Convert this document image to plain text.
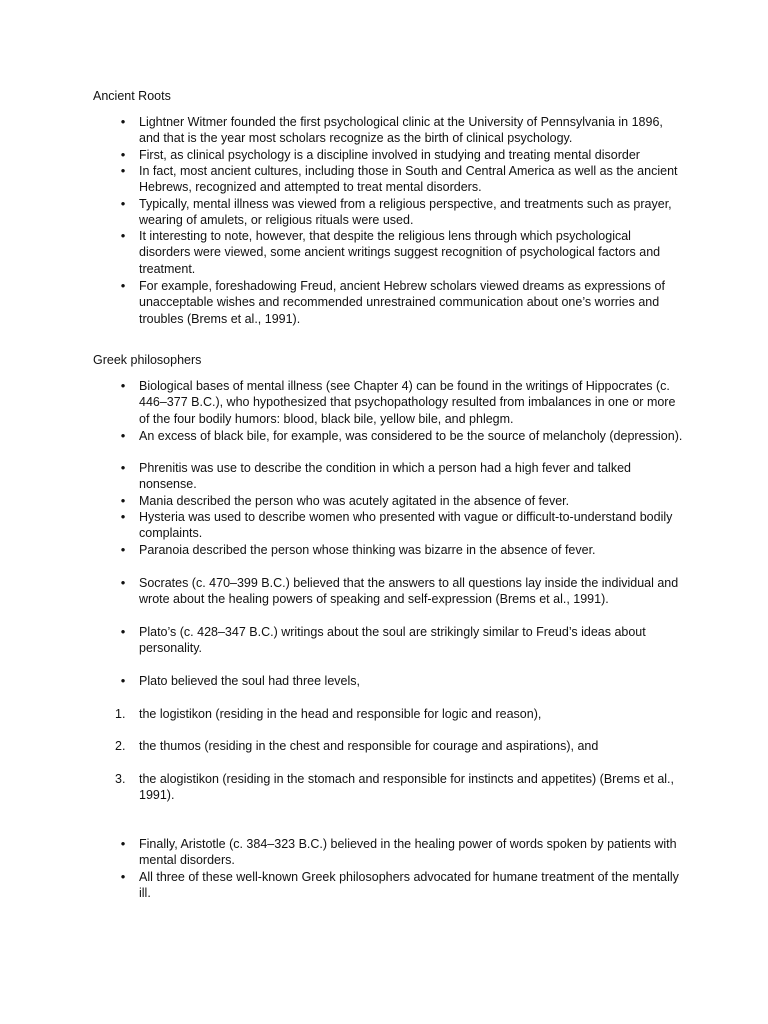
Ancient Roots

•	Lightner Witmer founded the first psychological clinic at the University of Pennsylvania in 1896, and that is the year most scholars recognize as the birth of clinical psychology.

•	First, as clinical psychology is a discipline involved in studying and treating mental disorder

•	In fact, most ancient cultures, including those in South and Central America as well as the ancient Hebrews, recognized and attempted to treat mental disorders.

•	Typically, mental illness was viewed from a religious perspective, and treatments such as prayer, wearing of amulets, or religious rituals were used.

•	It interesting to note, however, that despite the religious lens through which psychological disorders were viewed, some ancient writings suggest recognition of psychological factors and treatment.

•	For example, foreshadowing Freud, ancient Hebrew scholars viewed dreams as expressions of unacceptable wishes and recommended unrestrained communication about one’s worries and troubles (Brems et al., 1991).

Greek philosophers

•	Biological bases of mental illness (see Chapter 4) can be found in the writings of Hippocrates (c. 446–377 B.C.), who hypothesized that psychopathology resulted from imbalances in one or more of the four bodily humors: blood, black bile, yellow bile, and phlegm.

•	An excess of black bile, for example, was considered to be the source of melancholy (depression).

•	Phrenitis was use to describe the condition in which a person had a high fever and talked nonsense.

•	Mania described the person who was acutely agitated in the absence of fever.

•	Hysteria was used to describe women who presented with vague or difficult-to-understand bodily complaints.

•	Paranoia described the person whose thinking was bizarre in the absence of fever.

•	Socrates (c. 470–399 B.C.) believed that the answers to all questions lay inside the individual and wrote about the healing powers of speaking and self-expression (Brems et al., 1991).

•	Plato’s (c. 428–347 B.C.) writings about the soul are strikingly similar to Freud’s ideas about personality.

•	Plato believed the soul had three levels,

1.	the logistikon (residing in the head and responsible for logic and reason),

2.	the thumos (residing in the chest and responsible for courage and aspirations), and

3.	the alogistikon (residing in the stomach and responsible for instincts and appetites) (Brems et al., 1991).

•	Finally, Aristotle (c. 384–323 B.C.) believed in the healing power of words spoken by patients with mental disorders.

•	All three of these well-known Greek philosophers advocated for humane treatment of the mentally ill.
